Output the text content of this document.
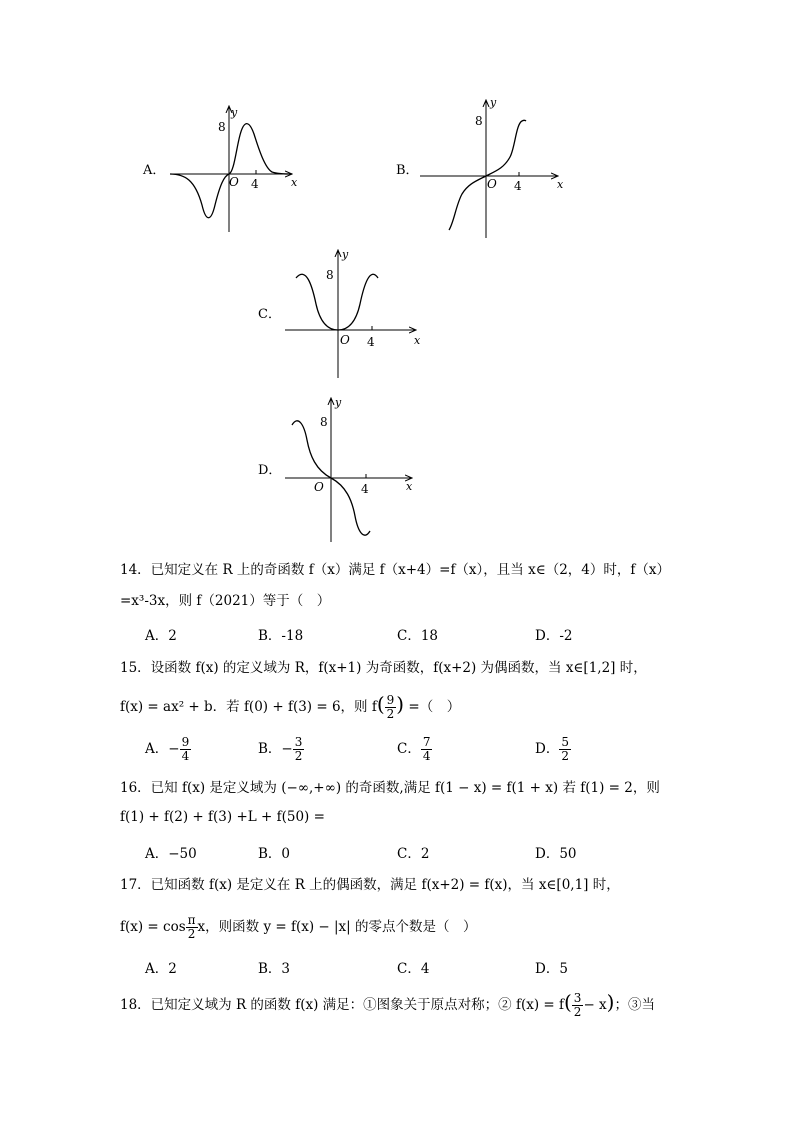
A．
8
y
O 4	x
B．
8
y
O 4	x
C．
8
y
O 4	x
D．
8
y
O	4	x
14．已知定义在 R 上的奇函数 f（x）满足 f（x+4）=f（x），且当 x∈（2，4）时，f（x）
=x³-3x，则 f（2021）等于（　）
A．2	B．-18	C．18	D．-2
15．设函数 f(x) 的定义域为 R，f(x+1) 为奇函数，f(x+2) 为偶函数，当 x∈[1,2] 时，
f(x) = ax² + b．若 f(0) + f(3) = 6，则 $f( \frac{9}{2}$ ) =（　）
A．− $\frac{9}{4}$	B．− $\frac{3}{2}$	C． $\frac{7}{4}$	D． $\frac{5}{2}$
16．已知 f(x) 是定义域为 (−∞,+∞) 的奇函数,满足 f(1 − x) = f(1 + x) 若 f(1) = 2，则
f(1) + f(2) + f(3) +L + f(50) =
A．−50	B．0	C．2	D．50
17．已知函数 f(x) 是定义在 R 上的偶函数，满足 f(x+2) = f(x)，当 x∈[0,1] 时，
$f(x) = \cos \frac{\pi}{2}$ x，则函数 y = f(x) − |x| 的零点个数是（　）
A．2	B．3	C．4	D．5
18．已知定义域为 R 的函数 f(x) 满足：①图象关于原点对称；② $f(x) = f( \frac{3}{2} - x)$；③当
